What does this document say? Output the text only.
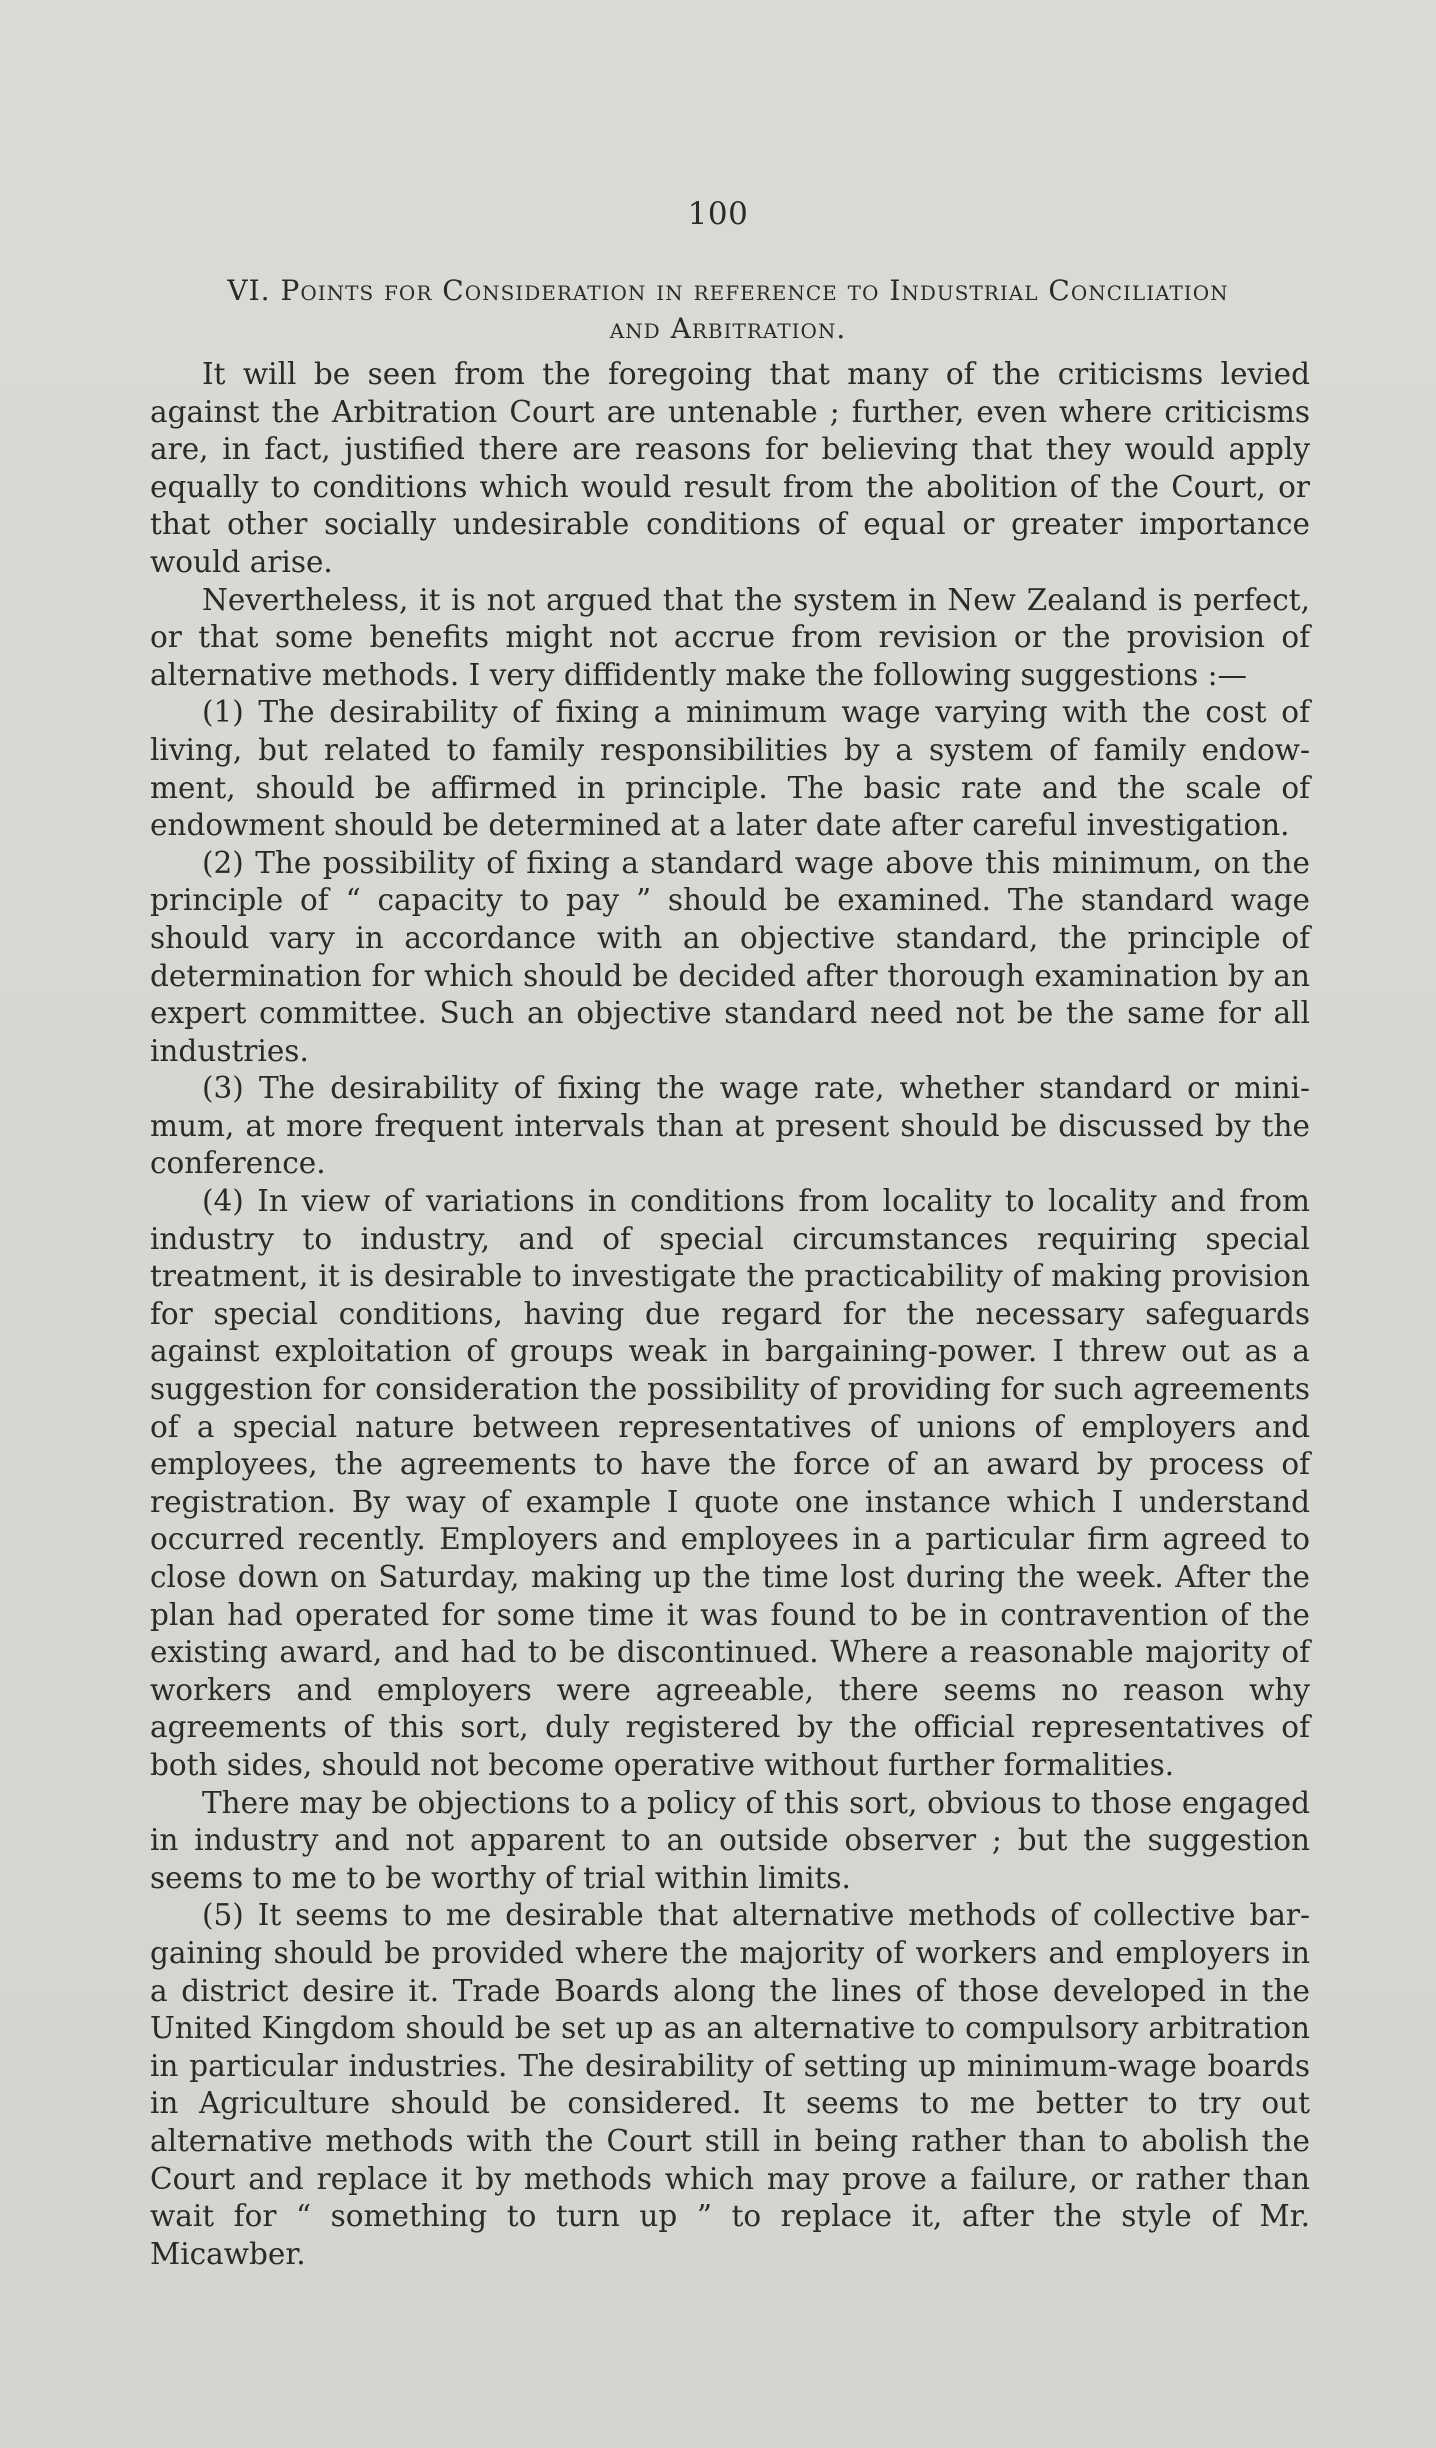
100
VI. Points for Consideration in reference to Industrial Conciliation
and Arbitration.

It will be seen from the foregoing that many of the criticisms levied against the Arbitration Court are untenable ; further, even where criticisms are, in fact, justified there are reasons for believing that they would apply equally to conditions which would result from the abolition of the Court, or that other socially undesirable conditions of equal or greater importance would arise.

Nevertheless, it is not argued that the system in New Zealand is perfect, or that some benefits might not accrue from revision or the provision of alternative methods. I very diffidently make the following suggestions :—

(1) The desirability of fixing a minimum wage varying with the cost of living, but related to family responsibilities by a system of family endowment, should be affirmed in principle. The basic rate and the scale of endowment should be determined at a later date after careful investigation.

(2) The possibility of fixing a standard wage above this minimum, on the principle of “ capacity to pay ” should be examined. The standard wage should vary in accordance with an objective standard, the principle of determination for which should be decided after thorough examination by an expert committee. Such an objective standard need not be the same for all industries.

(3) The desirability of fixing the wage rate, whether standard or minimum, at more frequent intervals than at present should be discussed by the conference.

(4) In view of variations in conditions from locality to locality and from industry to industry, and of special circumstances requiring special treatment, it is desirable to investigate the practicability of making provision for special conditions, having due regard for the necessary safeguards against exploitation of groups weak in bargaining-power. I threw out as a suggestion for consideration the possibility of providing for such agreements of a special nature between representatives of unions of employers and employees, the agreements to have the force of an award by process of registration. By way of example I quote one instance which I understand occurred recently. Employers and employees in a particular firm agreed to close down on Saturday, making up the time lost during the week. After the plan had operated for some time it was found to be in contravention of the existing award, and had to be discontinued. Where a reasonable majority of workers and employers were agreeable, there seems no reason why agreements of this sort, duly registered by the official representatives of both sides, should not become operative without further formalities.

There may be objections to a policy of this sort, obvious to those engaged in industry and not apparent to an outside observer ; but the suggestion seems to me to be worthy of trial within limits.

(5) It seems to me desirable that alternative methods of collective bargaining should be provided where the majority of workers and employers in a district desire it. Trade Boards along the lines of those developed in the United Kingdom should be set up as an alternative to compulsory arbitration in particular industries. The desirability of setting up minimum-wage boards in Agriculture should be considered. It seems to me better to try out alternative methods with the Court still in being rather than to abolish the Court and replace it by methods which may prove a failure, or rather than wait for “ something to turn up ” to replace it, after the style of Mr. Micawber.
